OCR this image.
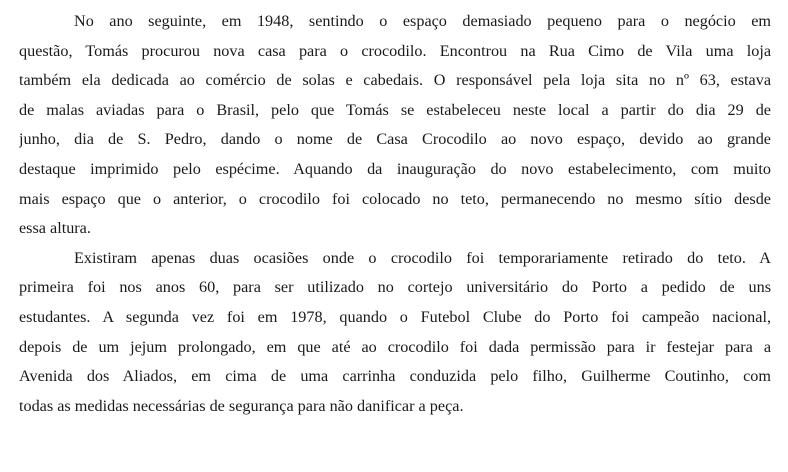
No ano seguinte, em 1948, sentindo o espaço demasiado pequeno para o negócio em
questão, Tomás procurou nova casa para o crocodilo. Encontrou na Rua Cimo de Vila uma loja
também ela dedicada ao comércio de solas e cabedais. O responsável pela loja sita no nº 63, estava
de malas aviadas para o Brasil, pelo que Tomás se estabeleceu neste local a partir do dia 29 de
junho, dia de S. Pedro, dando o nome de Casa Crocodilo ao novo espaço, devido ao grande
destaque imprimido pelo espécime. Aquando da inauguração do novo estabelecimento, com muito
mais espaço que o anterior, o crocodilo foi colocado no teto, permanecendo no mesmo sítio desde
essa altura.
Existiram apenas duas ocasiões onde o crocodilo foi temporariamente retirado do teto. A
primeira foi nos anos 60, para ser utilizado no cortejo universitário do Porto a pedido de uns
estudantes. A segunda vez foi em 1978, quando o Futebol Clube do Porto foi campeão nacional,
depois de um jejum prolongado, em que até ao crocodilo foi dada permissão para ir festejar para a
Avenida dos Aliados, em cima de uma carrinha conduzida pelo filho, Guilherme Coutinho, com
todas as medidas necessárias de segurança para não danificar a peça.
